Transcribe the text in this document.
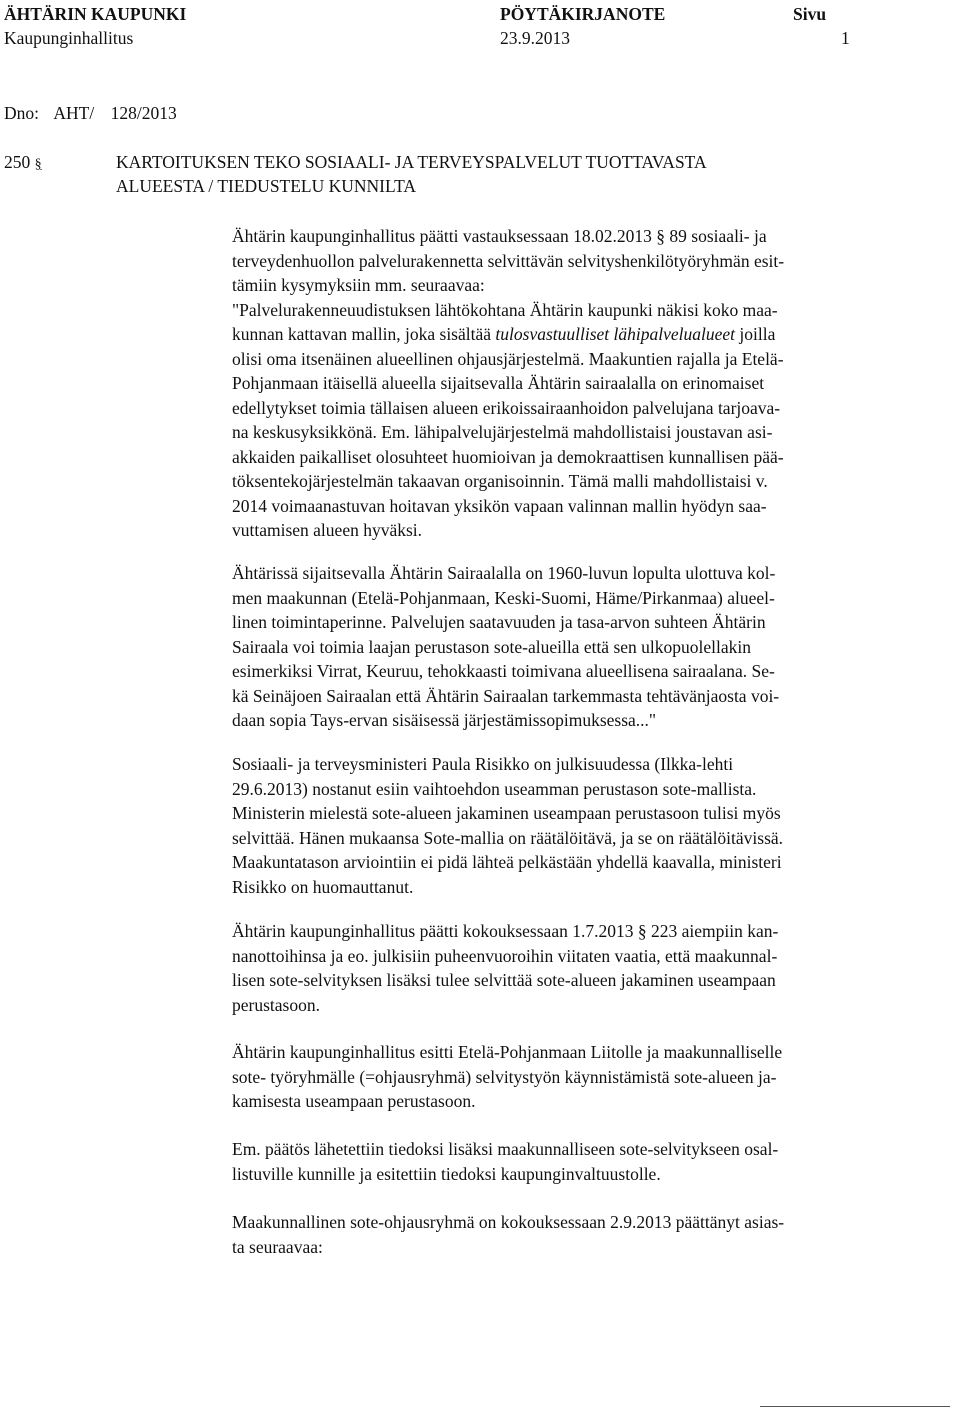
ÄHTÄRIN KAUPUNKI
Kaupunginhallitus
PÖYTÄKIRJANOTE
23.9.2013
Sivu
1
Dno: AHT/ 128/2013
250 §	KARTOITUKSEN TEKO SOSIAALI- JA TERVEYSPALVELUT TUOTTAVASTA
ALUEESTA / TIEDUSTELU KUNNILTA
Ähtärin kaupunginhallitus päätti vastauksessaan 18.02.2013 § 89 sosiaali- ja
terveydenhuollon palvelurakennetta selvittävän selvityshenkilötyöryhmän esit-
tämiin kysymyksiin mm. seuraavaa:
"Palvelurakenneuudistuksen lähtökohtana Ähtärin kaupunki näkisi koko maa-
kunnan kattavan mallin, joka sisältää tulosvastuulliset lähipalvelualueet joilla
olisi oma itsenäinen alueellinen ohjausjärjestelmä. Maakuntien rajalla ja Etelä-
Pohjanmaan itäisellä alueella sijaitsevalla Ähtärin sairaalalla on erinomaiset
edellytykset toimia tällaisen alueen erikoissairaanhoidon palvelujana tarjoava-
na keskusyksikkönä. Em. lähipalvelujärjestelmä mahdollistaisi joustavan asi-
akkaiden paikalliset olosuhteet huomioivan ja demokraattisen kunnallisen pää-
töksentekojärjestelmän takaavan organisoinnin. Tämä malli mahdollistaisi v.
2014 voimaanastuvan hoitavan yksikön vapaan valinnan mallin hyödyn saa-
vuttamisen alueen hyväksi.
Ähtärissä sijaitsevalla Ähtärin Sairaalalla on 1960-luvun lopulta ulottuva kol-
men maakunnan (Etelä-Pohjanmaan, Keski-Suomi, Häme/Pirkanmaa) alueel-
linen toimintaperinne. Palvelujen saatavuuden ja tasa-arvon suhteen Ähtärin
Sairaala voi toimia laajan perustason sote-alueilla että sen ulkopuolellakin
esimerkiksi Virrat, Keuruu, tehokkaasti toimivana alueellisena sairaalana. Se-
kä Seinäjoen Sairaalan että Ähtärin Sairaalan tarkemmasta tehtävänjaosta voi-
daan sopia Tays-ervan sisäisessä järjestämissopimuksessa..."
Sosiaali- ja terveysministeri Paula Risikko on julkisuudessa (Ilkka-lehti
29.6.2013) nostanut esiin vaihtoehdon useamman perustason sote-mallista.
Ministerin mielestä sote-alueen jakaminen useampaan perustasoon tulisi myös
selvittää. Hänen mukaansa Sote-mallia on räätälöitävä, ja se on räätälöitävissä.
Maakuntatason arviointiin ei pidä lähteä pelkästään yhdellä kaavalla, ministeri
Risikko on huomauttanut.
Ähtärin kaupunginhallitus päätti kokouksessaan 1.7.2013 § 223 aiempiin kan-
nanottoihinsa ja eo. julkisiin puheenvuoroihin viitaten vaatia, että maakunnal-
lisen sote-selvityksen lisäksi tulee selvittää sote-alueen jakaminen useampaan
perustasoon.
Ähtärin kaupunginhallitus esitti Etelä-Pohjanmaan Liitolle ja maakunnalliselle
sote- työryhmälle (=ohjausryhmä) selvitystyön käynnistämistä sote-alueen ja-
kamisesta useampaan perustasoon.
Em. päätös lähetettiin tiedoksi lisäksi maakunnalliseen sote-selvitykseen osal-
listuville kunnille ja esitettiin tiedoksi kaupunginvaltuustolle.
Maakunnallinen sote-ohjausryhmä on kokouksessaan 2.9.2013 päättänyt asias-
ta seuraavaa:
